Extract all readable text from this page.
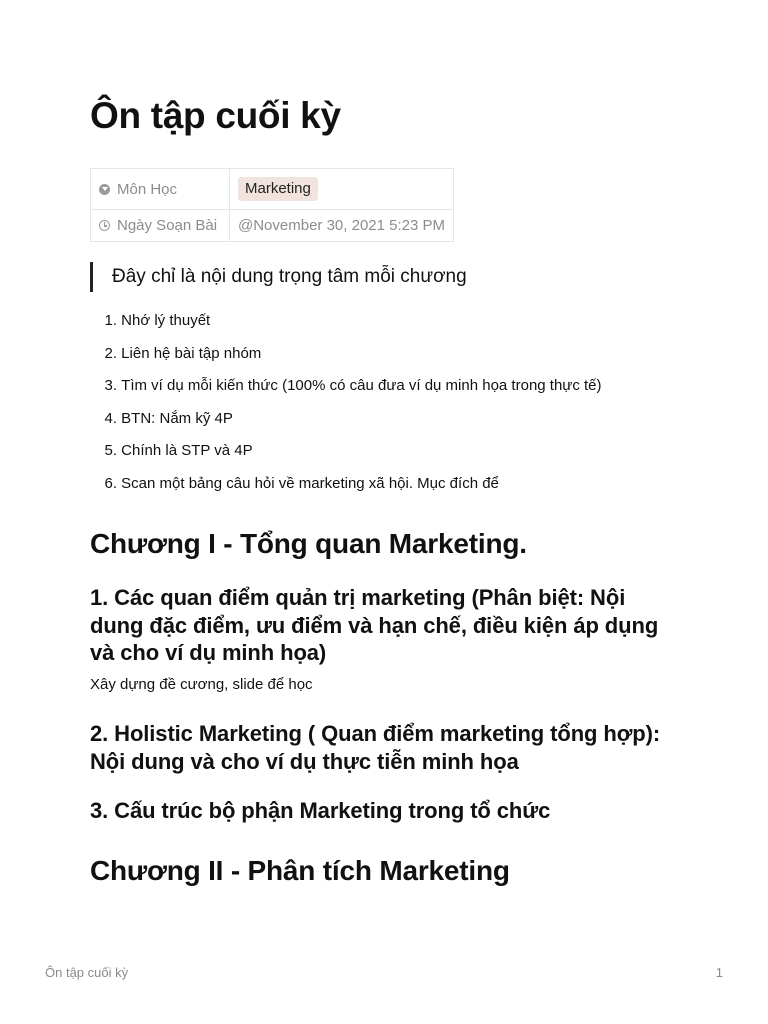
Ôn tập cuối kỳ
Môn Học	Marketing
Ngày Soạn Bài	@November 30, 2021 5:23 PM
Đây chỉ là nội dung trọng tâm mỗi chương
1. Nhớ lý thuyết
2. Liên hệ bài tập nhóm
3. Tìm ví dụ mỗi kiến thức (100% có câu đưa ví dụ minh họa trong thực tế)
4. BTN: Nắm kỹ 4P
5. Chính là STP và 4P
6. Scan một bảng câu hỏi về marketing xã hội. Mục đích để
Chương I - Tổng quan Marketing.
1. Các quan điểm quản trị marketing (Phân biệt: Nội dung đặc điểm, ưu điểm và hạn chế, điều kiện áp dụng và cho ví dụ minh họa)

Xây dựng đề cương, slide để học

2. Holistic Marketing ( Quan điểm marketing tổng hợp): Nội dung và cho ví dụ thực tiễn minh họa
3. Cấu trúc bộ phận Marketing trong tổ chức
Chương II - Phân tích Marketing
Ôn tập cuối kỳ	1
